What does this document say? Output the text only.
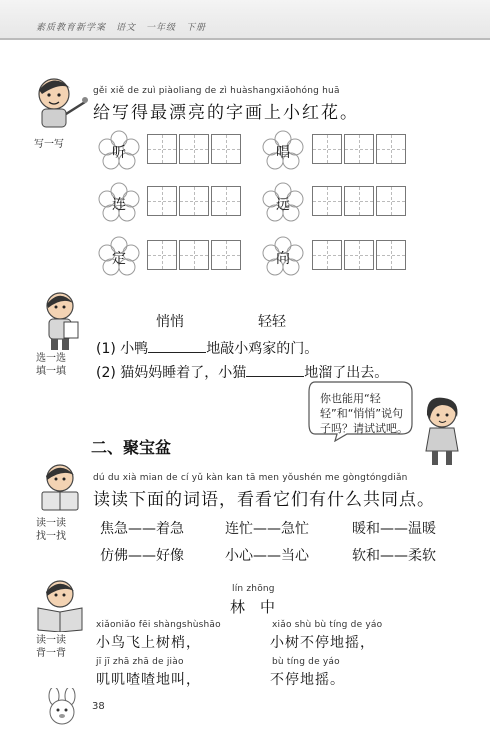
素质教育新学案　语文　一年级　下册
写一写
gěi xiě de zuì piàoliang de zì huàshangxiǎohóng huā
给写得最漂亮的字画上小红花。
听	唱
连	远
定	向
选一选
填一填
悄悄	轻轻
(1) 小鸭	地敲小鸡家的门。
(2) 猫妈妈睡着了，小猫	地溜了出去。
你也能用“轻轻”和“悄悄”说句子吗？请试试吧。
二、聚宝盆
读一读
找一找
dú du xià mian de cí yǔ kàn kan tā men yǒushén me gòngtóngdiǎn
读读下面的词语，看看它们有什么共同点。
焦急——着急	连忙——急忙	暖和——温暖
仿佛——好像	小心——当心	软和——柔软
读一读
背一背
lín zhōng
林　中
xiǎoniǎo fēi shàngshùshāo
小鸟飞上树梢，
xiǎo shù bù tíng de yáo
小树不停地摇，
jī jī zhā zhā de jiào
叽叽喳喳地叫，
bù tíng de yáo
不停地摇。
38
